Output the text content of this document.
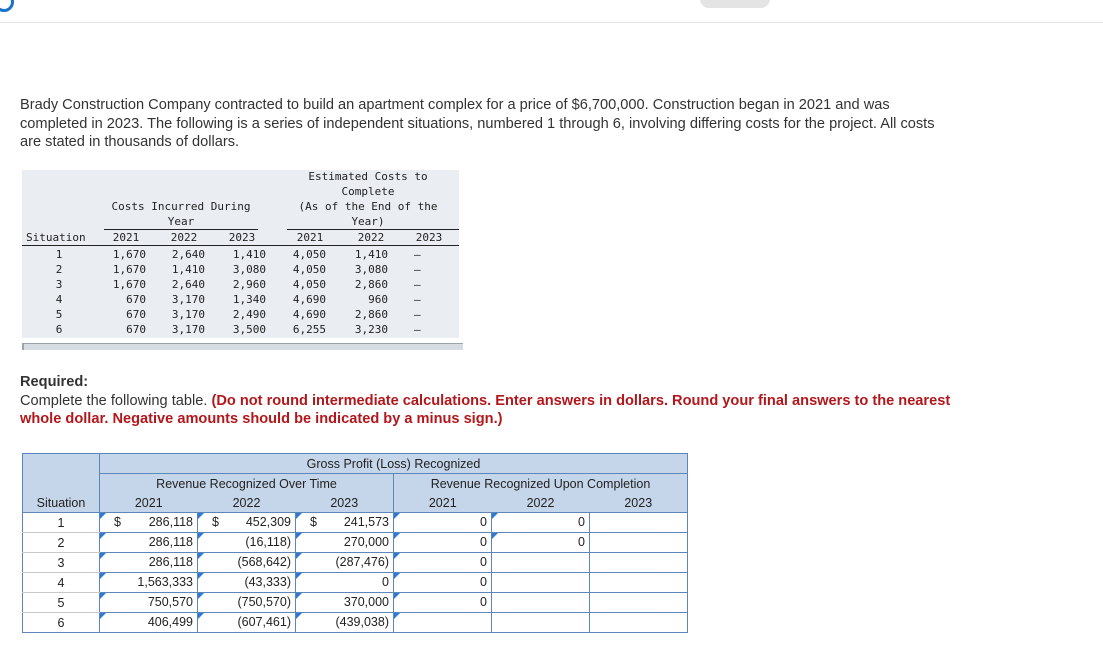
Brady Construction Company contracted to build an apartment complex for a price of $6,700,000. Construction began in 2021 and was completed in 2023. The following is a series of independent situations, numbered 1 through 6, involving differing costs for the project. All costs are stated in thousands of dollars.

Costs Incurred During
Year
Estimated Costs to
Complete
(As of the End of the
Year)
Situation 2021	2022	2023	2021	2022	2023
1	1,670 2,640	1,410 4,050	1,410 —
2	1,670 1,410	3,080 4,050	3,080 —
3	1,670 2,640	2,960 4,050	2,860 —
4	670 3,170	1,340 4,690	960 —
5	670 3,170	2,490 4,690	2,860 —
6	670 3,170	3,500 6,255	3,230 —
Required:
Complete the following table. (Do not round intermediate calculations. Enter answers in dollars. Round your final answers to the nearest whole dollar. Negative amounts should be indicated by a minus sign.)
	Gross Profit (Loss) Recognized					
	Revenue Recognized Over Time			Revenue Recognized Upon Completion		
Situation	2021	2022	2023	2021	2022	2023
1	$ 286,118	$ 452,309	$ 241,573	0	0	

2	286,118	(16,118)	270,000	0	0	

3	286,118	(568,642)	(287,476)	0		

4	1,563,333	(43,333)	0	0		

5	750,570	(750,570)	370,000	0		

6	406,499	(607,461)	(439,038)			
